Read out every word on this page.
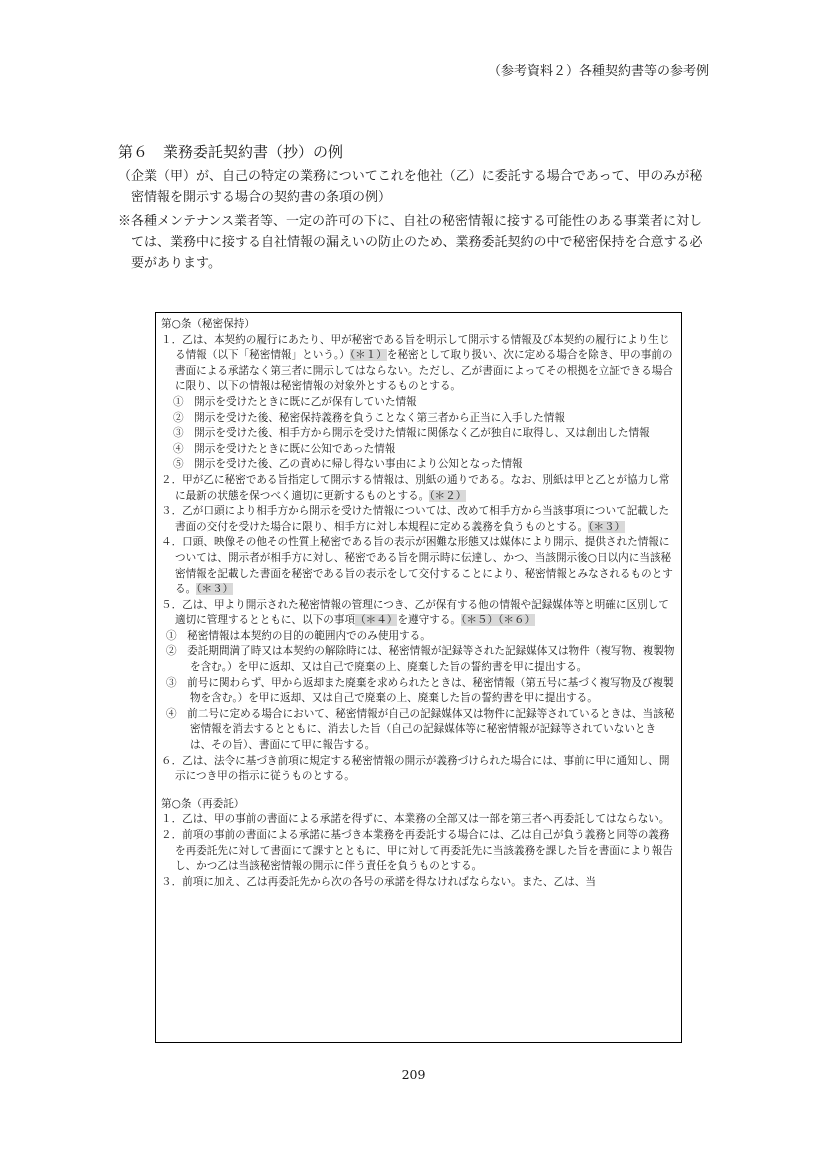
（参考資料２）各種契約書等の参考例
第６　業務委託契約書（抄）の例

（企業（甲）が、自己の特定の業務についてこれを他社（乙）に委託する場合であって、甲のみが秘密情報を開示する場合の契約書の条項の例）

※各種メンテナンス業者等、一定の許可の下に、自社の秘密情報に接する可能性のある事業者に対しては、業務中に接する自社情報の漏えいの防止のため、業務委託契約の中で秘密保持を合意する必要があります。

第○条（秘密保持）

１．乙は、本契約の履行にあたり、甲が秘密である旨を明示して開示する情報及び本契約の履行により生じる情報（以下「秘密情報」という。）（＊１）を秘密として取り扱い、次に定める場合を除き、甲の事前の書面による承諾なく第三者に開示してはならない。ただし、乙が書面によってその根拠を立証できる場合に限り、以下の情報は秘密情報の対象外とするものとする。

①　開示を受けたときに既に乙が保有していた情報

②　開示を受けた後、秘密保持義務を負うことなく第三者から正当に入手した情報

③　開示を受けた後、相手方から開示を受けた情報に関係なく乙が独自に取得し、又は創出した情報

④　開示を受けたときに既に公知であった情報

⑤　開示を受けた後、乙の責めに帰し得ない事由により公知となった情報

２．甲が乙に秘密である旨指定して開示する情報は、別紙の通りである。なお、別紙は甲と乙とが協力し常に最新の状態を保つべく適切に更新するものとする。（＊２）

３．乙が口頭により相手方から開示を受けた情報については、改めて相手方から当該事項について記載した書面の交付を受けた場合に限り、相手方に対し本規程に定める義務を負うものとする。（＊３）

４．口頭、映像その他その性質上秘密である旨の表示が困難な形態又は媒体により開示、提供された情報については、開示者が相手方に対し、秘密である旨を開示時に伝達し、かつ、当該開示後○日以内に当該秘密情報を記載した書面を秘密である旨の表示をして交付することにより、秘密情報とみなされるものとする。（＊３）

５．乙は、甲より開示された秘密情報の管理につき、乙が保有する他の情報や記録媒体等と明確に区別して適切に管理するとともに、以下の事項（＊４）を遵守する。（＊５）（＊６）

①　秘密情報は本契約の目的の範囲内でのみ使用する。

②　委託期間満了時又は本契約の解除時には、秘密情報が記録等された記録媒体又は物件（複写物、複製物を含む。）を甲に返却、又は自己で廃棄の上、廃棄した旨の誓約書を甲に提出する。

③　前号に関わらず、甲から返却また廃棄を求められたときは、秘密情報（第五号に基づく複写物及び複製物を含む。）を甲に返却、又は自己で廃棄の上、廃棄した旨の誓約書を甲に提出する。

④　前二号に定める場合において、秘密情報が自己の記録媒体又は物件に記録等されているときは、当該秘密情報を消去するとともに、消去した旨（自己の記録媒体等に秘密情報が記録等されていないときは、その旨）、書面にて甲に報告する。

６．乙は、法令に基づき前項に規定する秘密情報の開示が義務づけられた場合には、事前に甲に通知し、開示につき甲の指示に従うものとする。

第○条（再委託）

１．乙は、甲の事前の書面による承諾を得ずに、本業務の全部又は一部を第三者へ再委託してはならない。

２．前項の事前の書面による承諾に基づき本業務を再委託する場合には、乙は自己が負う義務と同等の義務を再委託先に対して書面にて課すとともに、甲に対して再委託先に当該義務を課した旨を書面により報告し、かつ乙は当該秘密情報の開示に伴う責任を負うものとする。

３．前項に加え、乙は再委託先から次の各号の承諾を得なければならない。また、乙は、当

209
